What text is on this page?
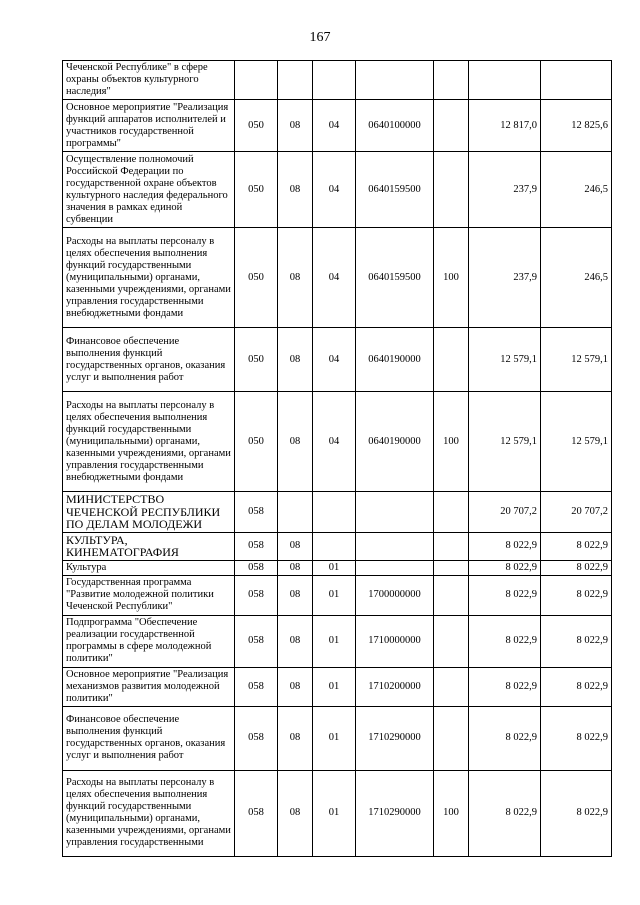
167
Чеченской Республике" в сфере охраны объектов культурного наследия"							
Основное мероприятие "Реализация функций аппаратов исполнителей и участников государственной программы"	050	08	04	0640100000		12 817,0	12 825,6
Осуществление полномочий Российской Федерации по государственной охране объектов культурного наследия федерального значения в рамках единой субвенции	050	08	04	0640159500		237,9	246,5
Расходы на выплаты персоналу в целях обеспечения выполнения функций государственными (муниципальными) органами, казенными учреждениями, органами управления государственными внебюджетными фондами	050	08	04	0640159500	100	237,9	246,5
Финансовое обеспечение выполнения функций государственных органов, оказания услуг и выполнения работ	050	08	04	0640190000		12 579,1	12 579,1
Расходы на выплаты персоналу в целях обеспечения выполнения функций государственными (муниципальными) органами, казенными учреждениями, органами управления государственными внебюджетными фондами	050	08	04	0640190000	100	12 579,1	12 579,1
МИНИСТЕРСТВО ЧЕЧЕНСКОЙ РЕСПУБЛИКИ ПО ДЕЛАМ МОЛОДЕЖИ	058					20 707,2	20 707,2
КУЛЬТУРА, КИНЕМАТОГРАФИЯ	058	08				8 022,9	8 022,9
Культура	058	08	01			8 022,9	8 022,9
Государственная программа "Развитие молодежной политики Чеченской Республики"	058	08	01	1700000000		8 022,9	8 022,9
Подпрограмма "Обеспечение реализации государственной программы в сфере молодежной политики"	058	08	01	1710000000		8 022,9	8 022,9
Основное мероприятие "Реализация механизмов развития молодежной политики"	058	08	01	1710200000		8 022,9	8 022,9
Финансовое обеспечение выполнения функций государственных органов, оказания услуг и выполнения работ	058	08	01	1710290000		8 022,9	8 022,9
Расходы на выплаты персоналу в целях обеспечения выполнения функций государственными (муниципальными) органами, казенными учреждениями, органами управления государственными	058	08	01	1710290000	100	8 022,9	8 022,9
